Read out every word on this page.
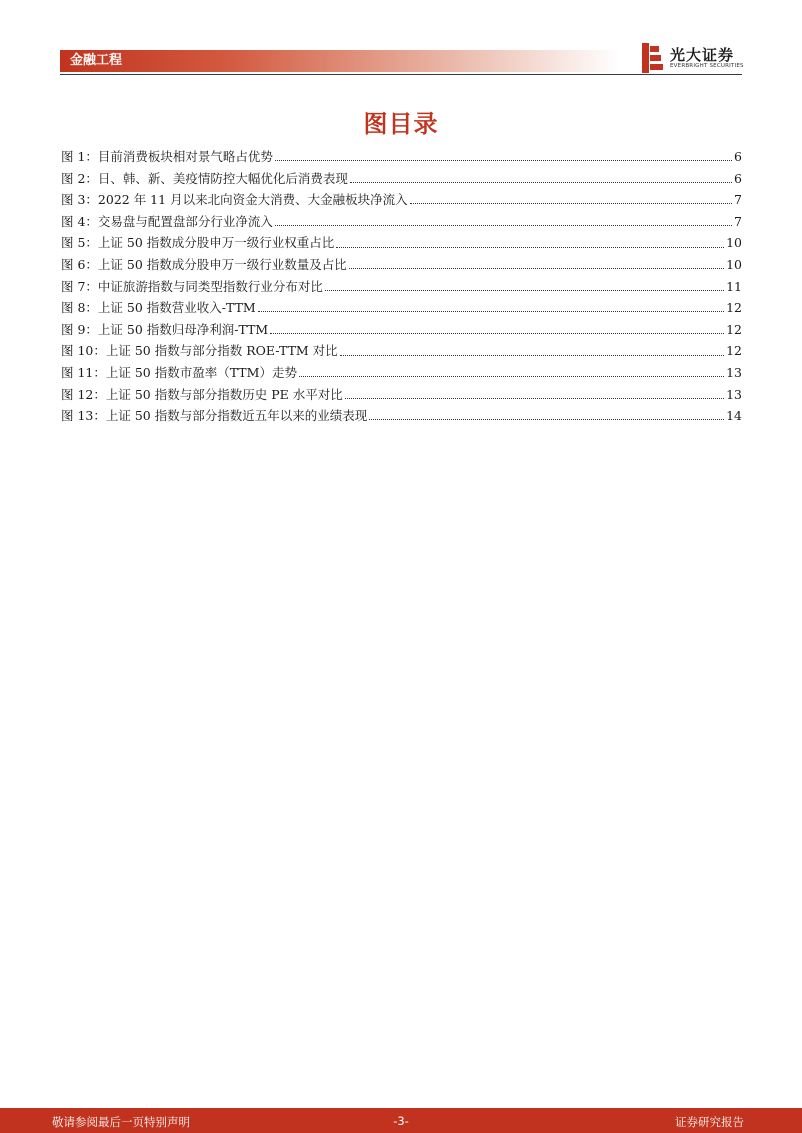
金融工程	光大证券
EVERBRIGHT SECURITIES
图目录
图 1：目前消费板块相对景气略占优势	6
图 2：日、韩、新、美疫情防控大幅优化后消费表现	6
图 3：2022 年 11 月以来北向资金大消费、大金融板块净流入	7
图 4：交易盘与配置盘部分行业净流入	7
图 5：上证 50 指数成分股申万一级行业权重占比	10
图 6：上证 50 指数成分股申万一级行业数量及占比	10
图 7：中证旅游指数与同类型指数行业分布对比	11
图 8：上证 50 指数营业收入-TTM	12
图 9：上证 50 指数归母净利润-TTM	12
图 10：上证 50 指数与部分指数 ROE-TTM 对比	12
图 11：上证 50 指数市盈率（TTM）走势	13
图 12：上证 50 指数与部分指数历史 PE 水平对比	13
图 13：上证 50 指数与部分指数近五年以来的业绩表现	14
敬请参阅最后一页特别声明	-3-	证券研究报告
